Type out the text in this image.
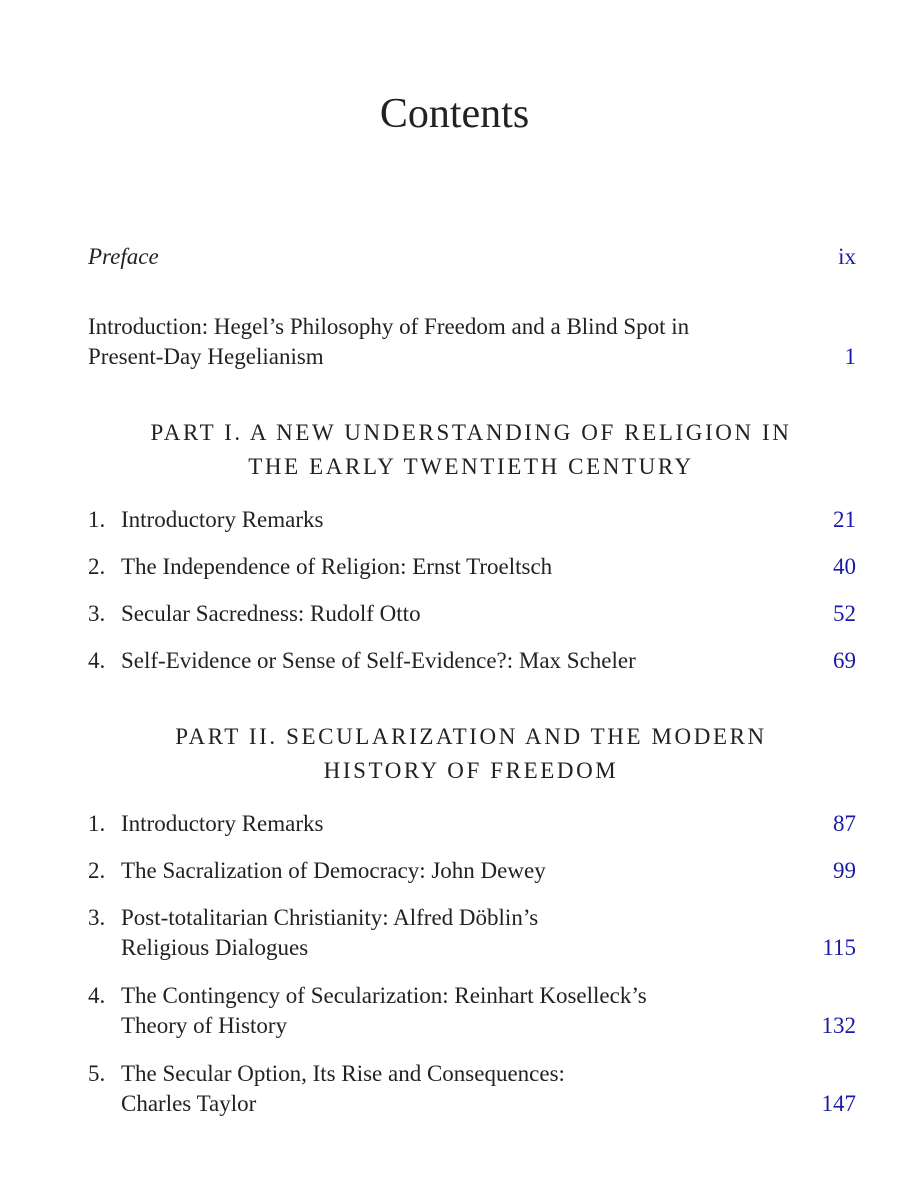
Contents
Preface	ix
Introduction: Hegel’s Philosophy of Freedom and a Blind Spot in
Present-Day Hegelianism	1
PART I. A NEW UNDERSTANDING OF RELIGION IN
THE EARLY TWENTIETH CENTURY
1. Introductory Remarks	21
2. The Independence of Religion: Ernst Troeltsch	40
3. Secular Sacredness: Rudolf Otto	52
4. Self-Evidence or Sense of Self-Evidence?: Max Scheler	69
PART II. SECULARIZATION AND THE MODERN
HISTORY OF FREEDOM
1. Introductory Remarks	87
2. The Sacralization of Democracy: John Dewey	99
3. Post-totalitarian Christianity: Alfred Döblin’s
Religious Dialogues	115
4. The Contingency of Secularization: Reinhart Koselleck’s
Theory of History	132
5. The Secular Option, Its Rise and Consequences:
Charles Taylor	147
